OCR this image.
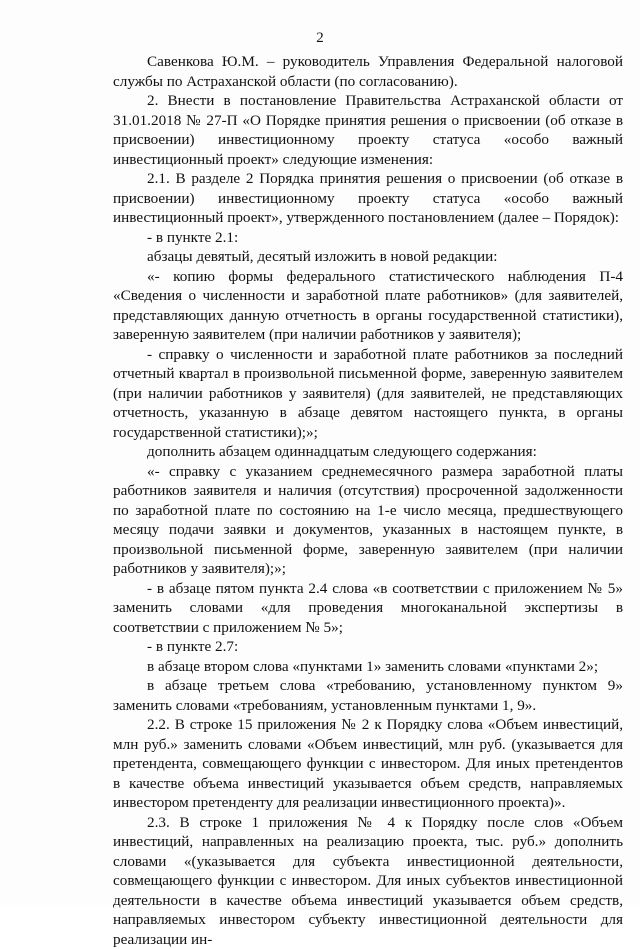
2

Савенкова Ю.М. – руководитель Управления Федеральной налоговой службы по Астраханской области (по согласованию).

2. Внести в постановление Правительства Астраханской области от 31.01.2018 № 27-П «О Порядке принятия решения о присвоении (об отказе в присвоении) инвестиционному проекту статуса «особо важный инвестиционный проект» следующие изменения:

2.1. В разделе 2 Порядка принятия решения о присвоении (об отказе в присвоении) инвестиционному проекту статуса «особо важный инвестиционный проект», утвержденного постановлением (далее – Порядок):

- в пункте 2.1:

абзацы девятый, десятый изложить в новой редакции:

«- копию формы федерального статистического наблюдения П-4 «Сведения о численности и заработной плате работников» (для заявителей, представляющих данную отчетность в органы государственной статистики), заверенную заявителем (при наличии работников у заявителя);

- справку о численности и заработной плате работников за последний отчетный квартал в произвольной письменной форме, заверенную заявителем (при наличии работников у заявителя) (для заявителей, не представляющих отчетность, указанную в абзаце девятом настоящего пункта, в органы государственной статистики);»;

дополнить абзацем одиннадцатым следующего содержания:

«- справку с указанием среднемесячного размера заработной платы работников заявителя и наличия (отсутствия) просроченной задолженности по заработной плате по состоянию на 1-е число месяца, предшествующего месяцу подачи заявки и документов, указанных в настоящем пункте, в произвольной письменной форме, заверенную заявителем (при наличии работников у заявителя);»;

- в абзаце пятом пункта 2.4 слова «в соответствии с приложением № 5» заменить словами «для проведения многоканальной экспертизы в соответствии с приложением № 5»;

- в пункте 2.7:

в абзаце втором слова «пунктами 1» заменить словами «пунктами 2»;

в абзаце третьем слова «требованию, установленному пунктом 9» заменить словами «требованиям, установленным пунктами 1, 9».

2.2. В строке 15 приложения № 2 к Порядку слова «Объем инвестиций, млн руб.» заменить словами «Объем инвестиций, млн руб. (указывается для претендента, совмещающего функции с инвестором. Для иных претендентов в качестве объема инвестиций указывается объем средств, направляемых инвестором претенденту для реализации инвестиционного проекта)».

2.3. В строке 1 приложения № 4 к Порядку после слов «Объем инвестиций, направленных на реализацию проекта, тыс. руб.» дополнить словами «(указывается для субъекта инвестиционной деятельности, совмещающего функции с инвестором. Для иных субъектов инвестиционной деятельности в качестве объема инвестиций указывается объем средств, направляемых инвестором субъекту инвестиционной деятельности для реализации ин-
